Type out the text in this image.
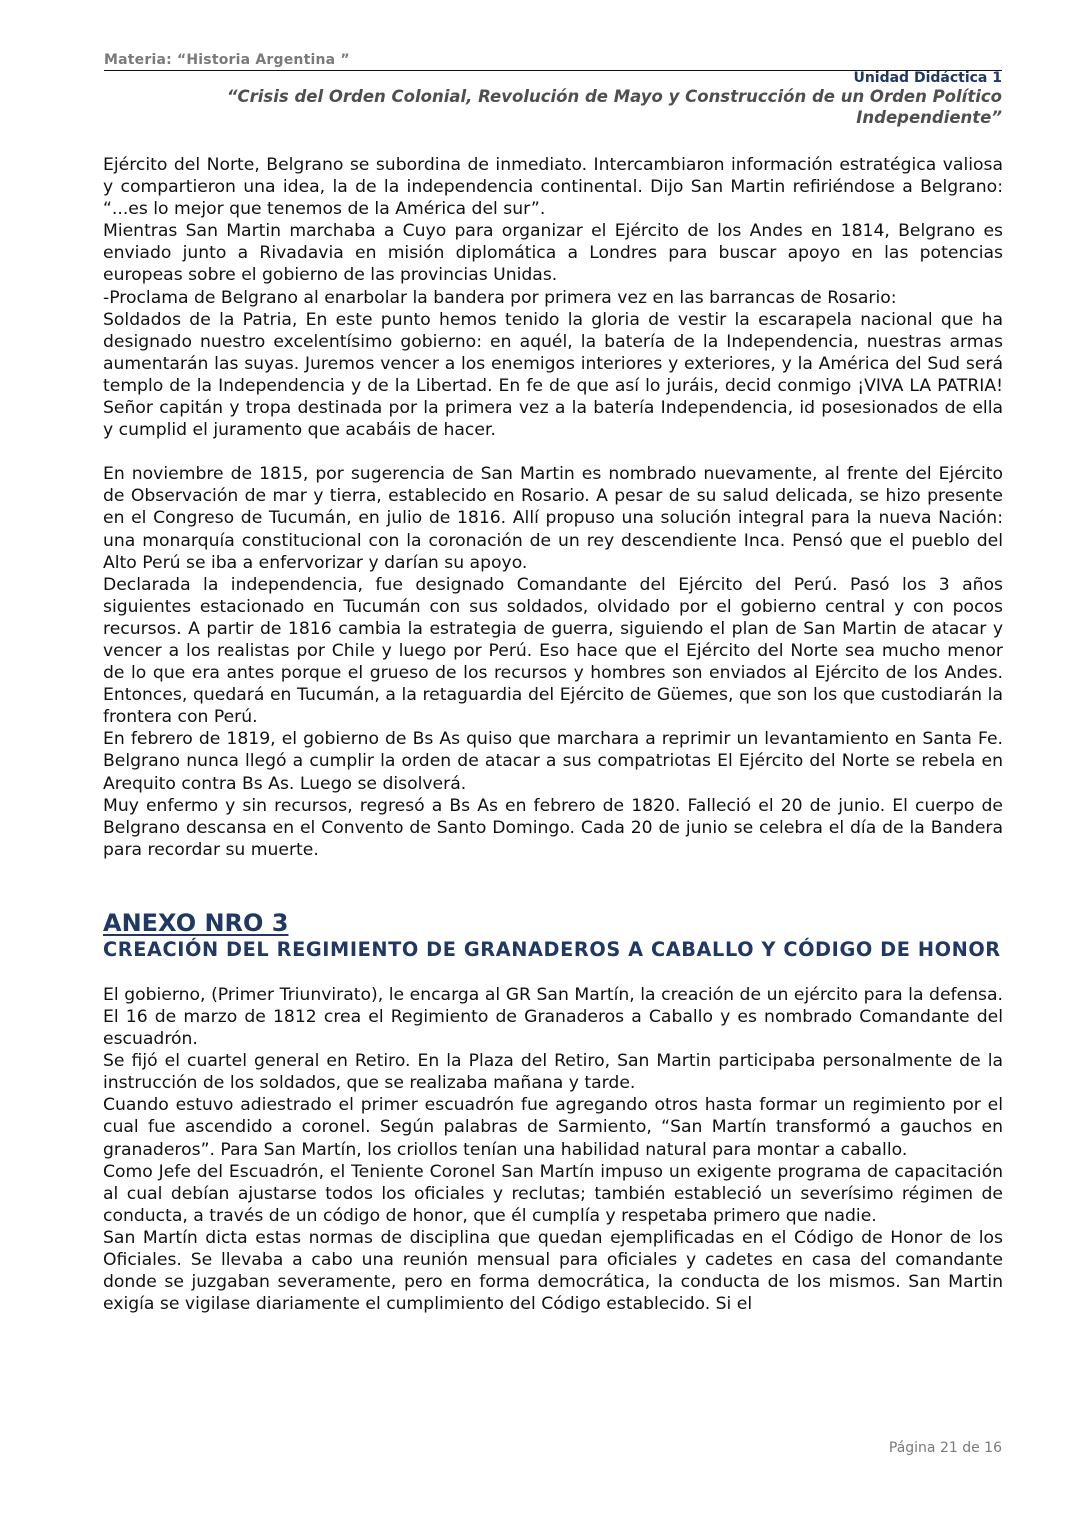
Materia: “Historia Argentina ”
Unidad Didáctica 1
“Crisis del Orden Colonial, Revolución de Mayo y Construcción de un Orden Político Independiente”

Ejército del Norte, Belgrano se subordina de inmediato. Intercambiaron información estratégica valiosa y compartieron una idea, la de la independencia continental. Dijo San Martin refiriéndose a Belgrano: “...es lo mejor que tenemos de la América del sur”.

Mientras San Martin marchaba a Cuyo para organizar el Ejército de los Andes en 1814, Belgrano es enviado junto a Rivadavia en misión diplomática a Londres para buscar apoyo en las potencias europeas sobre el gobierno de las provincias Unidas.

-Proclama de Belgrano al enarbolar la bandera por primera vez en las barrancas de Rosario:

Soldados de la Patria, En este punto hemos tenido la gloria de vestir la escarapela nacional que ha designado nuestro excelentísimo gobierno: en aquél, la batería de la Independencia, nuestras armas aumentarán las suyas. Juremos vencer a los enemigos interiores y exteriores, y la América del Sud será templo de la Independencia y de la Libertad. En fe de que así lo juráis, decid conmigo ¡VIVA LA PATRIA! Señor capitán y tropa destinada por la primera vez a la batería Independencia, id posesionados de ella y cumplid el juramento que acabáis de hacer.

En noviembre de 1815, por sugerencia de San Martin es nombrado nuevamente, al frente del Ejército de Observación de mar y tierra, establecido en Rosario. A pesar de su salud delicada, se hizo presente en el Congreso de Tucumán, en julio de 1816. Allí propuso una solución integral para la nueva Nación: una monarquía constitucional con la coronación de un rey descendiente Inca. Pensó que el pueblo del Alto Perú se iba a enfervorizar y darían su apoyo.

Declarada la independencia, fue designado Comandante del Ejército del Perú. Pasó los 3 años siguientes estacionado en Tucumán con sus soldados, olvidado por el gobierno central y con pocos recursos. A partir de 1816 cambia la estrategia de guerra, siguiendo el plan de San Martin de atacar y vencer a los realistas por Chile y luego por Perú. Eso hace que el Ejército del Norte sea mucho menor de lo que era antes porque el grueso de los recursos y hombres son enviados al Ejército de los Andes. Entonces, quedará en Tucumán, a la retaguardia del Ejército de Güemes, que son los que custodiarán la frontera con Perú.

En febrero de 1819, el gobierno de Bs As quiso que marchara a reprimir un levantamiento en Santa Fe. Belgrano nunca llegó a cumplir la orden de atacar a sus compatriotas El Ejército del Norte se rebela en Arequito contra Bs As. Luego se disolverá.

Muy enfermo y sin recursos, regresó a Bs As en febrero de 1820. Falleció el 20 de junio. El cuerpo de Belgrano descansa en el Convento de Santo Domingo. Cada 20 de junio se celebra el día de la Bandera para recordar su muerte.

ANEXO NRO 3
CREACIÓN DEL REGIMIENTO DE GRANADEROS A CABALLO Y CÓDIGO DE HONOR

El gobierno, (Primer Triunvirato), le encarga al GR San Martín, la creación de un ejército para la defensa. El 16 de marzo de 1812 crea el Regimiento de Granaderos a Caballo y es nombrado Comandante del escuadrón.

Se fijó el cuartel general en Retiro. En la Plaza del Retiro, San Martin participaba personalmente de la instrucción de los soldados, que se realizaba mañana y tarde.

Cuando estuvo adiestrado el primer escuadrón fue agregando otros hasta formar un regimiento por el cual fue ascendido a coronel. Según palabras de Sarmiento, “San Martín transformó a gauchos en granaderos”. Para San Martín, los criollos tenían una habilidad natural para montar a caballo.

Como Jefe del Escuadrón, el Teniente Coronel San Martín impuso un exigente programa de capacitación al cual debían ajustarse todos los oficiales y reclutas; también estableció un severísimo régimen de conducta, a través de un código de honor, que él cumplía y respetaba primero que nadie.

San Martín dicta estas normas de disciplina que quedan ejemplificadas en el Código de Honor de los Oficiales. Se llevaba a cabo una reunión mensual para oficiales y cadetes en casa del comandante donde se juzgaban severamente, pero en forma democrática, la conducta de los mismos. San Martin exigía se vigilase diariamente el cumplimiento del Código establecido. Si el

Página 21 de 16
